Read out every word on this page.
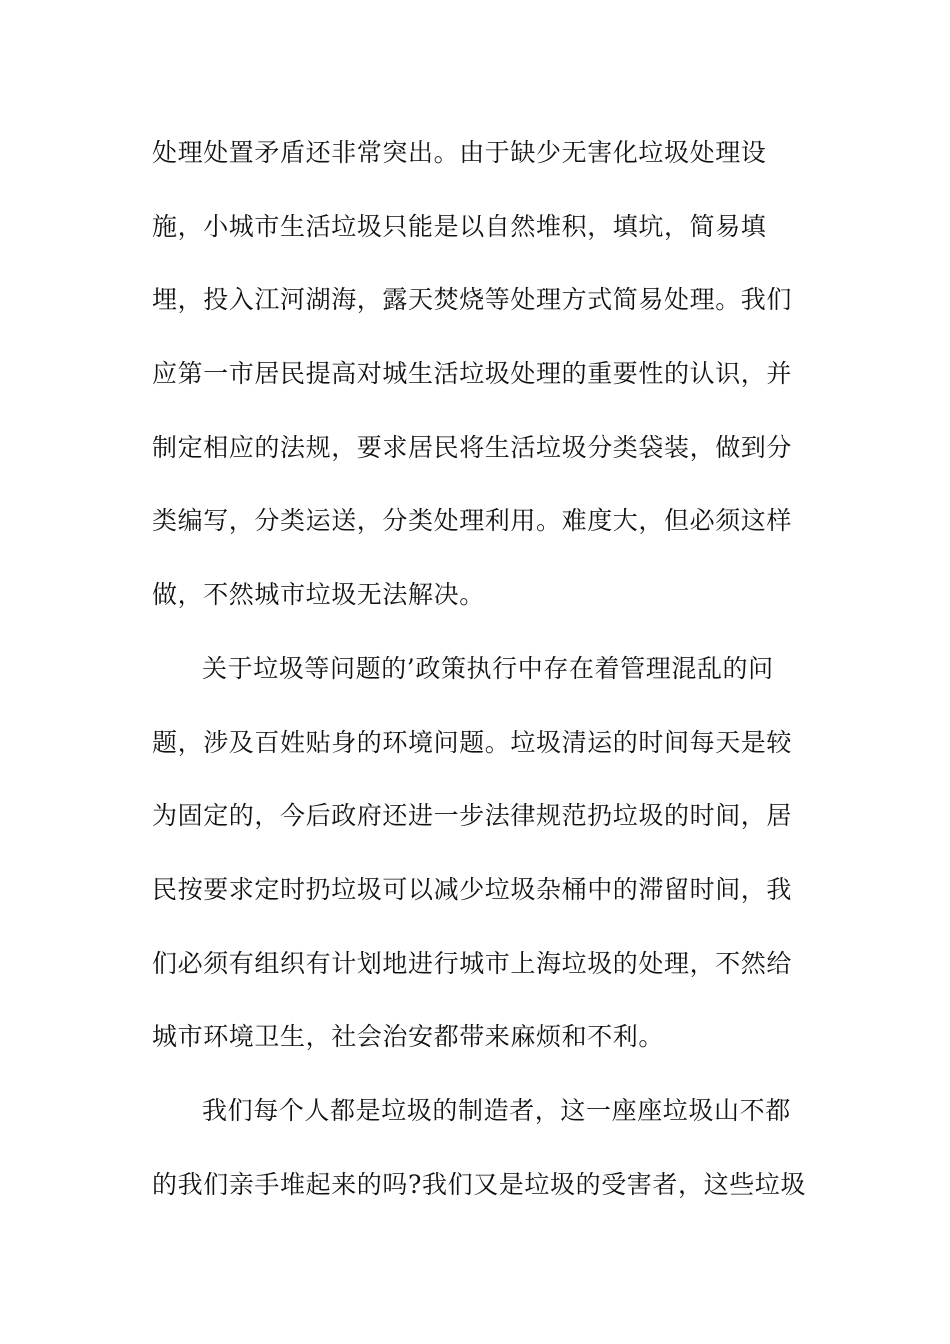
处理处置矛盾还非常突出。由于缺少无害化垃圾处理设
施，小城市生活垃圾只能是以自然堆积，填坑，简易填
埋，投入江河湖海，露天焚烧等处理方式简易处理。我们
应第一市居民提高对城生活垃圾处理的重要性的认识，并
制定相应的法规，要求居民将生活垃圾分类袋装，做到分
类编写，分类运送，分类处理利用。难度大，但必须这样
做，不然城市垃圾无法解决。

关于垃圾等问题的’政策执行中存在着管理混乱的问
题，涉及百姓贴身的环境问题。垃圾清运的时间每天是较
为固定的，今后政府还进一步法律规范扔垃圾的时间，居
民按要求定时扔垃圾可以减少垃圾杂桶中的滞留时间，我
们必须有组织有计划地进行城市上海垃圾的处理，不然给
城市环境卫生，社会治安都带来麻烦和不利。

我们每个人都是垃圾的制造者，这一座座垃圾山不都
的我们亲手堆起来的吗?我们又是垃圾的受害者，这些垃圾
